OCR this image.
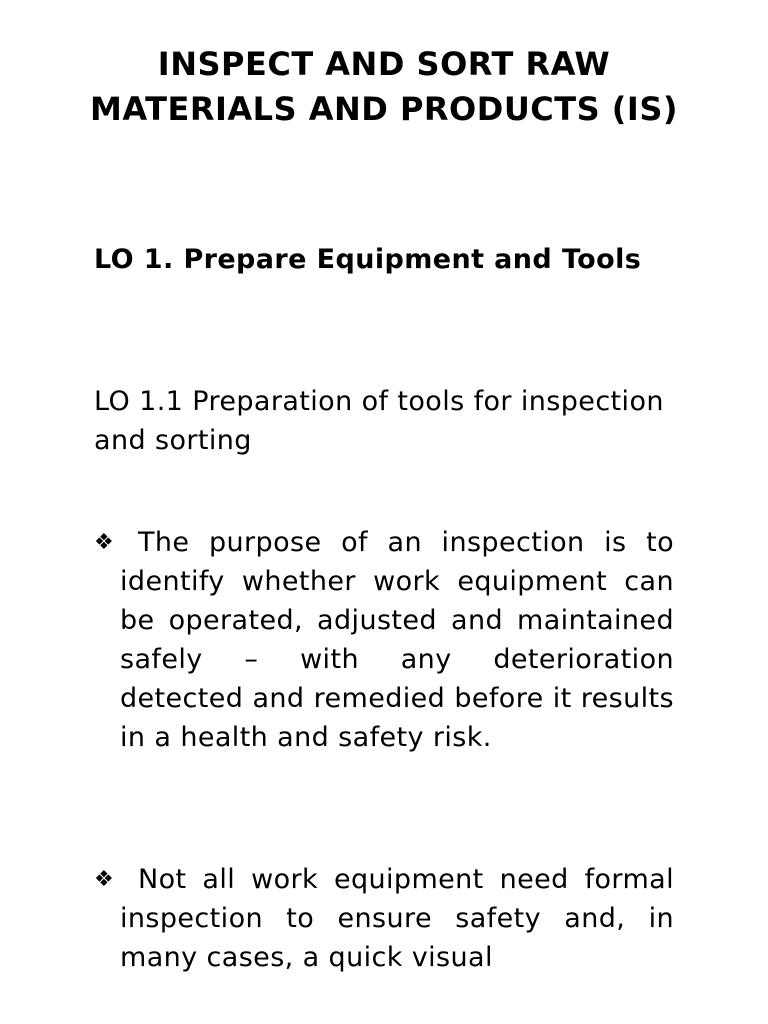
INSPECT AND SORT RAW MATERIALS AND PRODUCTS (IS)
LO 1. Prepare Equipment and Tools

LO 1.1 Preparation of tools for inspection and sorting

❖ The purpose of an inspection is to identify whether work equipment can be operated, adjusted and maintained safely – with any deterioration detected and remedied before it results in a health and safety risk.

❖ Not all work equipment need formal inspection to ensure safety and, in many cases, a quick visual
